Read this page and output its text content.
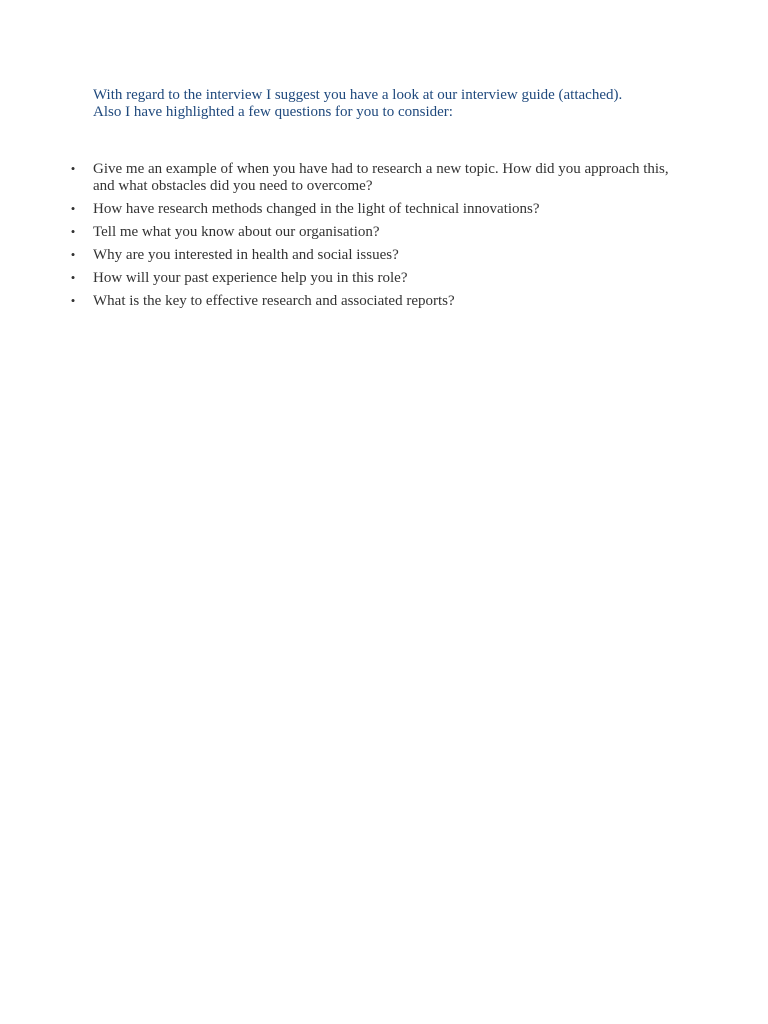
With regard to the interview I suggest you have a look at our interview guide (attached).
Also I have highlighted a few questions for you to consider:
• Give me an example of when you have had to research a new topic. How did you approach this, and what obstacles did you need to overcome?
• How have research methods changed in the light of technical innovations?
• Tell me what you know about our organisation?
• Why are you interested in health and social issues?
• How will your past experience help you in this role?
• What is the key to effective research and associated reports?
